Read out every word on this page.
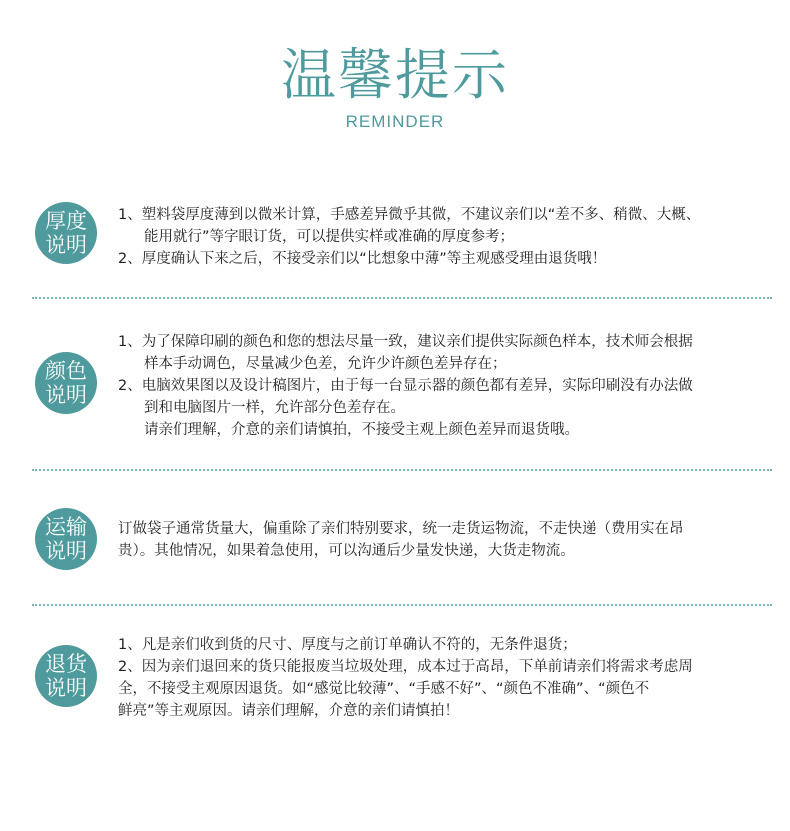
温馨提示
REMINDER
厚度
说明

1、塑料袋厚度薄到以微米计算，手感差异微乎其微，不建议亲们以“差不多、稍微、大概、

能用就行”等字眼订货，可以提供实样或准确的厚度参考；

2、厚度确认下来之后，不接受亲们以“比想象中薄”等主观感受理由退货哦！

颜色
说明

1、为了保障印刷的颜色和您的想法尽量一致，建议亲们提供实际颜色样本，技术师会根据

样本手动调色，尽量减少色差，允许少许颜色差异存在；

2、电脑效果图以及设计稿图片，由于每一台显示器的颜色都有差异，实际印刷没有办法做

到和电脑图片一样，允许部分色差存在。

请亲们理解，介意的亲们请慎拍，不接受主观上颜色差异而退货哦。

运输
说明

订做袋子通常货量大，偏重除了亲们特别要求，统一走货运物流，不走快递（费用实在昂

贵）。其他情况，如果着急使用，可以沟通后少量发快递，大货走物流。

退货
说明

1、凡是亲们收到货的尺寸、厚度与之前订单确认不符的，无条件退货；

2、因为亲们退回来的货只能报废当垃圾处理，成本过于高昂，下单前请亲们将需求考虑周

全，不接受主观原因退货。如“感觉比较薄”、“手感不好”、“颜色不准确”、“颜色不

鲜亮”等主观原因。请亲们理解，介意的亲们请慎拍！
